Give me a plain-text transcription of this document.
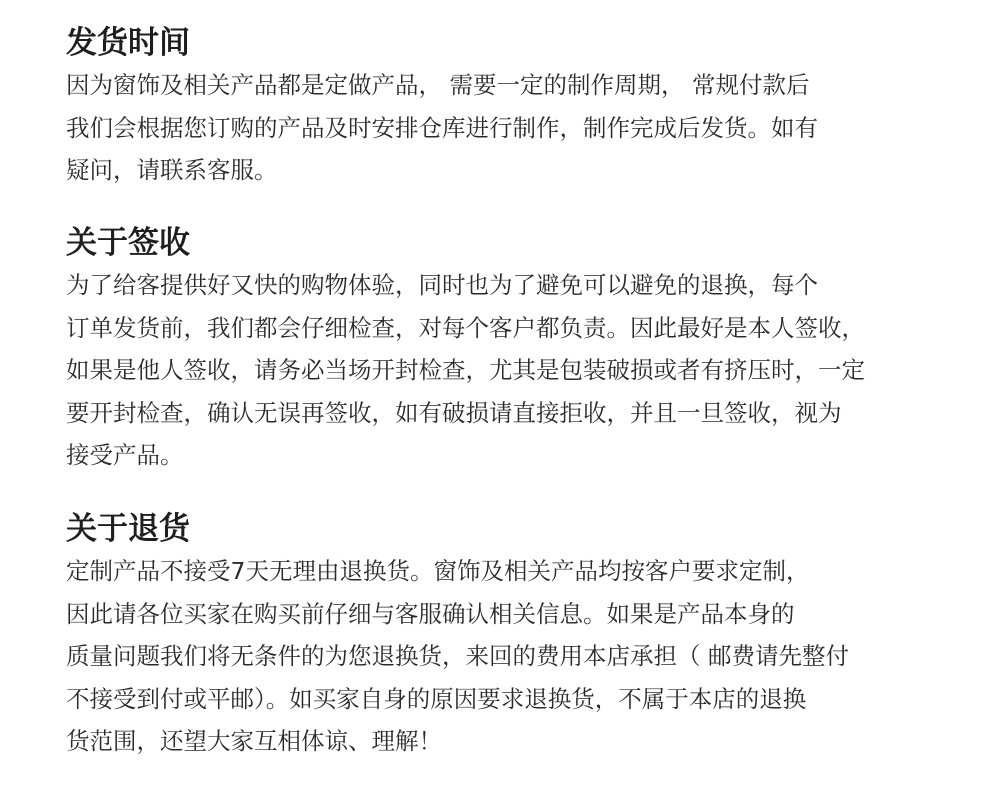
发货时间
因为窗饰及相关产品都是定做产品， 需要一定的制作周期， 常规付款后
我们会根据您订购的产品及时安排仓库进行制作，制作完成后发货。如有
疑问，请联系客服。
关于签收
为了给客提供好又快的购物体验，同时也为了避免可以避免的退换，每个
订单发货前，我们都会仔细检查，对每个客户都负责。因此最好是本人签收，
如果是他人签收，请务必当场开封检查，尤其是包装破损或者有挤压时，一定
要开封检查，确认无误再签收，如有破损请直接拒收，并且一旦签收，视为
接受产品。
关于退货
定制产品不接受7天无理由退换货。窗饰及相关产品均按客户要求定制，
因此请各位买家在购买前仔细与客服确认相关信息。如果是产品本身的
质量问题我们将无条件的为您退换货，来回的费用本店承担（ 邮费请先整付
不接受到付或平邮）。如买家自身的原因要求退换货，不属于本店的退换
货范围，还望大家互相体谅、理解！
